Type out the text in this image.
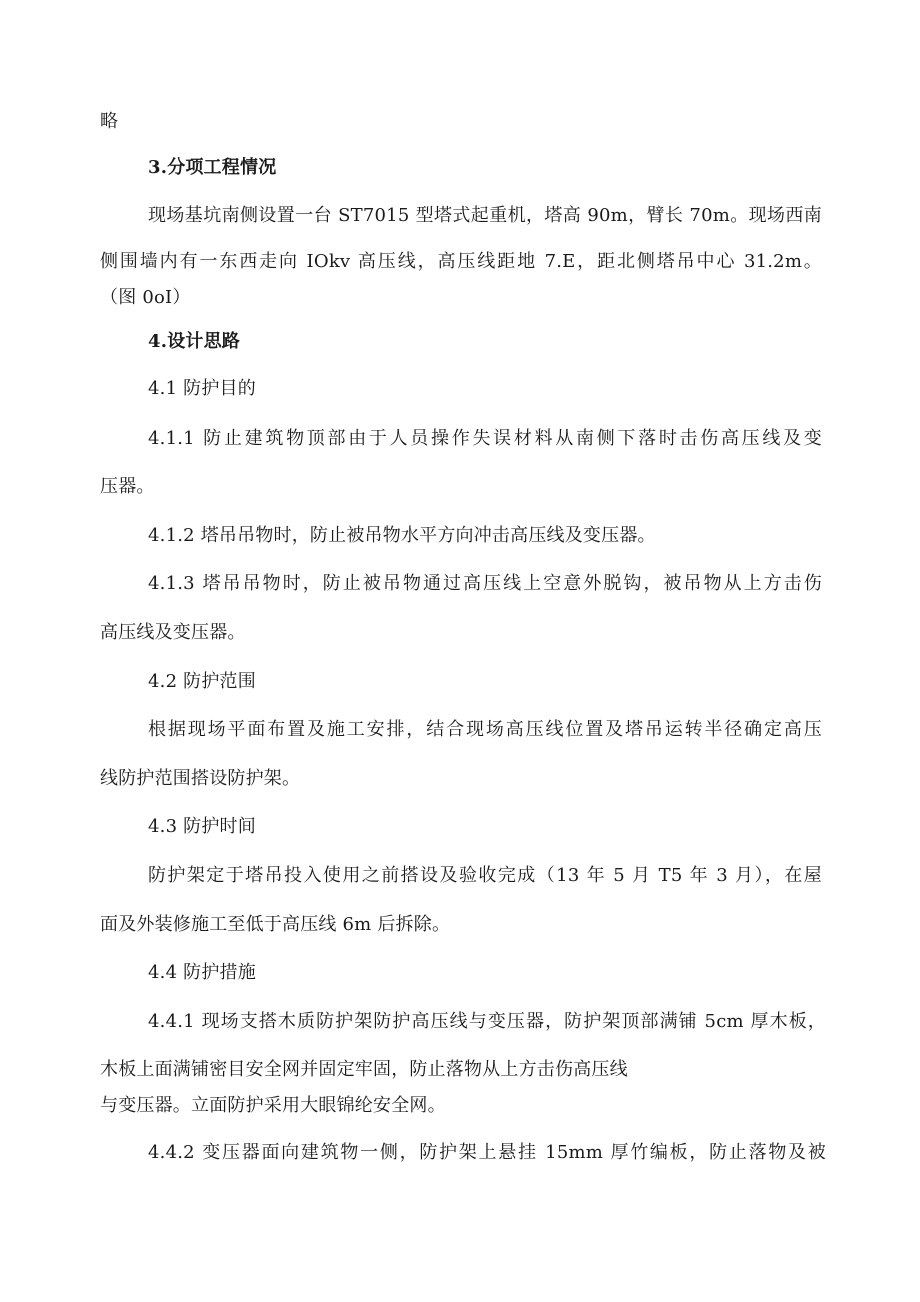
略

3.分项工程情况

现场基坑南侧设置一台 ST7015 型塔式起重机，塔高 90m，臂长 70m。现场西南

侧围墙内有一东西走向 IOkv 高压线，高压线距地 7.E，距北侧塔吊中心 31.2m。

（图 0oI）

4.设计思路

4.1 防护目的

4.1.1 防止建筑物顶部由于人员操作失误材料从南侧下落时击伤高压线及变

压器。

4.1.2 塔吊吊物时，防止被吊物水平方向冲击高压线及变压器。

4.1.3 塔吊吊物时，防止被吊物通过高压线上空意外脱钩，被吊物从上方击伤

高压线及变压器。

4.2 防护范围

根据现场平面布置及施工安排，结合现场高压线位置及塔吊运转半径确定高压

线防护范围搭设防护架。

4.3 防护时间

防护架定于塔吊投入使用之前搭设及验收完成（13 年 5 月 T5 年 3 月），在屋

面及外装修施工至低于高压线 6m 后拆除。

4.4 防护措施

4.4.1 现场支搭木质防护架防护高压线与变压器，防护架顶部满铺 5cm 厚木板，

木板上面满铺密目安全网并固定牢固，防止落物从上方击伤高压线

与变压器。立面防护采用大眼锦纶安全网。

4.4.2 变压器面向建筑物一侧，防护架上悬挂 15mm 厚竹编板，防止落物及被
